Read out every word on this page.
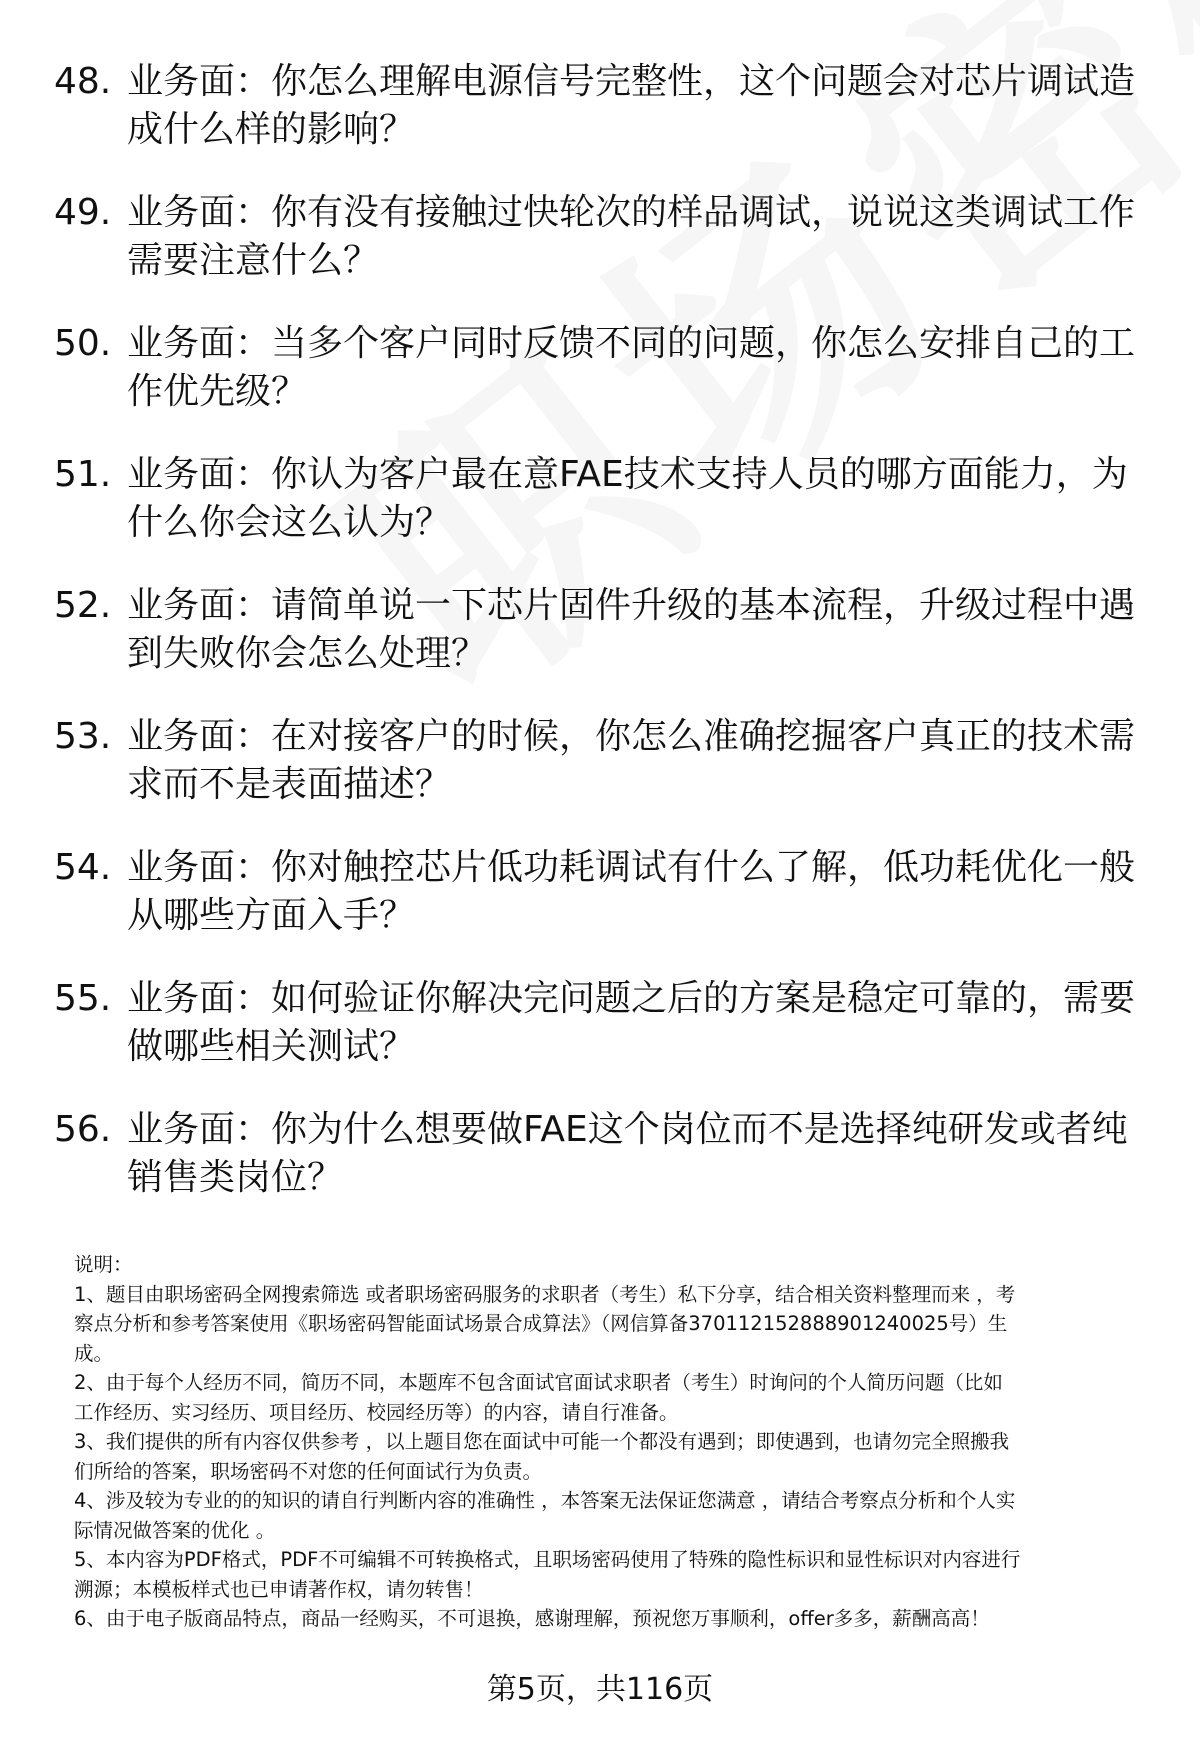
48. 业务面：你怎么理解电源信号完整性，这个问题会对芯片调试造
成什么样的影响？
49. 业务面：你有没有接触过快轮次的样品调试，说说这类调试工作
需要注意什么？
50. 业务面：当多个客户同时反馈不同的问题，你怎么安排自己的工
作优先级？
51. 业务面：你认为客户最在意FAE技术支持人员的哪方面能力，为
什么你会这么认为？
52. 业务面：请简单说一下芯片固件升级的基本流程，升级过程中遇
到失败你会怎么处理？
53. 业务面：在对接客户的时候，你怎么准确挖掘客户真正的技术需
求而不是表面描述？
54. 业务面：你对触控芯片低功耗调试有什么了解，低功耗优化一般
从哪些方面入手？
55. 业务面：如何验证你解决完问题之后的方案是稳定可靠的，需要
做哪些相关测试？
56. 业务面：你为什么想要做FAE这个岗位而不是选择纯研发或者纯
销售类岗位？
说明：
1、题目由职场密码全网搜索筛选 或者职场密码服务的求职者（考生）私下分享，结合相关资料整理而来 ，考
察点分析和参考答案使用《职场密码智能面试场景合成算法》（网信算备370112152888901240025号）生
成。
2、由于每个人经历不同，简历不同，本题库不包含面试官面试求职者（考生）时询问的个人简历问题（比如
工作经历、实习经历、项目经历、校园经历等）的内容，请自行准备。
3、我们提供的所有内容仅供参考 ，以上题目您在面试中可能一个都没有遇到；即使遇到，也请勿完全照搬我
们所给的答案，职场密码不对您的任何面试行为负责。
4、涉及较为专业的的知识的请自行判断内容的准确性 ，本答案无法保证您满意 ，请结合考察点分析和个人实
际情况做答案的优化 。
5、本内容为PDF格式，PDF不可编辑不可转换格式，且职场密码使用了特殊的隐性标识和显性标识对内容进行
溯源；本模板样式也已申请著作权，请勿转售！
6、由于电子版商品特点，商品一经购买，不可退换，感谢理解，预祝您万事顺利，offer多多，薪酬高高！
第5页，共116页
